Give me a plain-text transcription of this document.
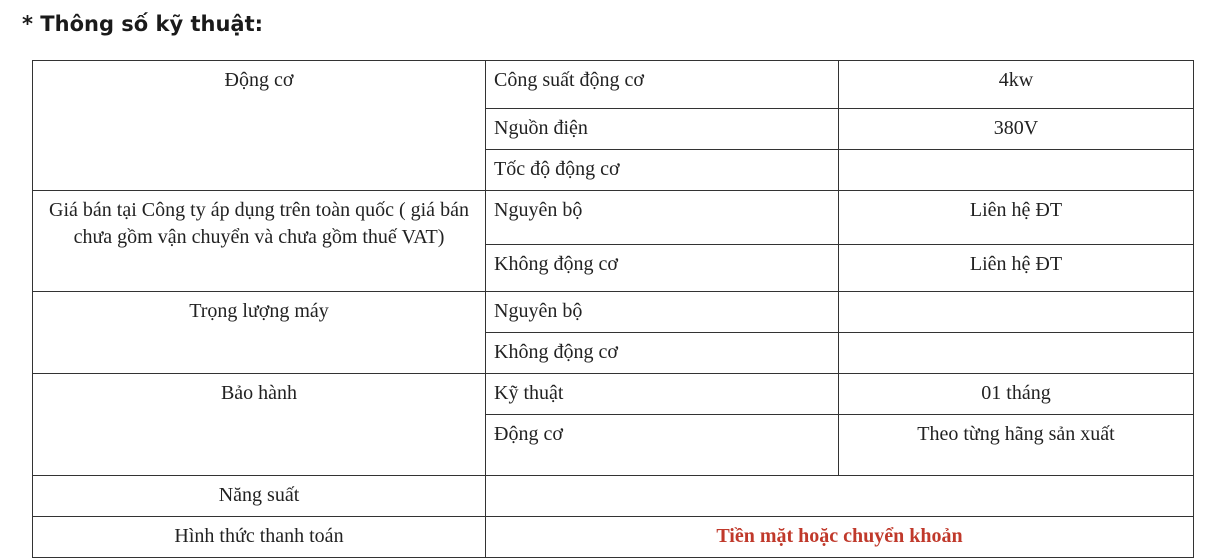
* Thông số kỹ thuật:
Động cơ	Công suất động cơ	4kw
	Nguồn điện	380V
	Tốc độ động cơ	
Giá bán tại Công ty áp dụng trên toàn quốc ( giá bán chưa gồm vận chuyển và chưa gồm thuế VAT)	Nguyên bộ	Liên hệ ĐT
	Không động cơ	Liên hệ ĐT
Trọng lượng máy	Nguyên bộ	
	Không động cơ	
Bảo hành	Kỹ thuật	01 tháng
	Động cơ	Theo từng hãng sản xuất
Năng suất		
Hình thức thanh toán	Tiền mặt hoặc chuyển khoản	
